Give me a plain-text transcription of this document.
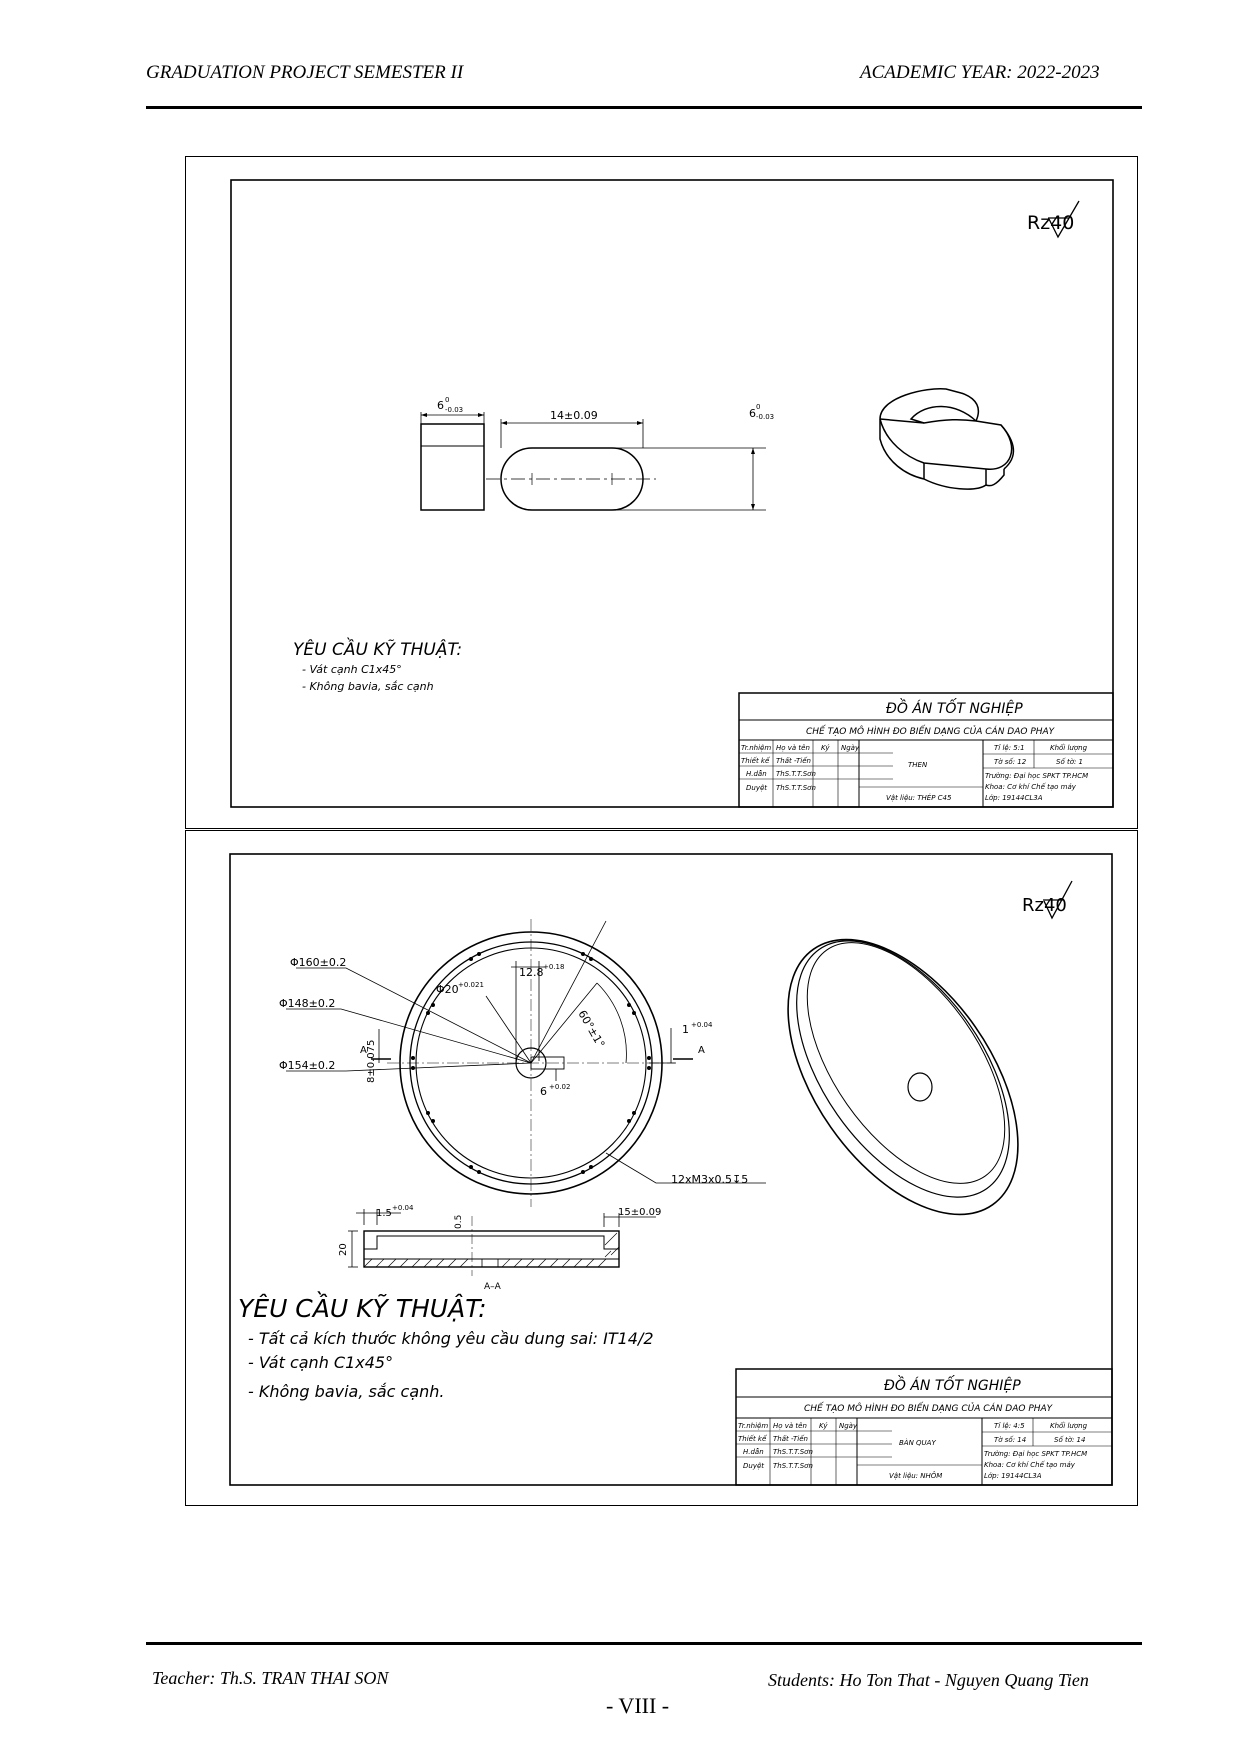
GRADUATION PROJECT SEMESTER II	ACADEMIC YEAR: 2022-2023
Rz40
6 0
-0.03	14±0.09	6 0
-0.03
YÊU CẦU KỸ THUẬT:
- Vát cạnh C1x45°
- Không bavia, sắc cạnh
ĐỒ ÁN TỐT NGHIỆP
CHẾ TẠO MÔ HÌNH ĐO BIẾN DẠNG CỦA CÁN DAO PHAY
Tr.nhiệm Họ và tên Ký Ngày
Thiết kế Thất -Tiến
H.dẫn ThS.T.T.Sơn
Duyệt ThS.T.T.Sơn
THEN
Vật liệu: THÉP C45
Tỉ lệ: 5:1	Khối lượng
Tờ số: 12	Số tờ: 1
Trường: Đại học SPKT TP.HCM
Khoa: Cơ khí Chế tạo máy
Lớp: 19144CL3A
Rz40
Φ160±0.2
Φ148±0.2
Φ154±0.2
Φ20 +0.021
12.8 +0.18
60°±1°
6 +0.02
8±0.075
1 +0.04
A	A
12xM3x0.5↧5
1.5 +0.04
0.5
15±0.09
20
A–A
YÊU CẦU KỸ THUẬT:
- Tất cả kích thước không yêu cầu dung sai: IT14/2
- Vát cạnh C1x45°
- Không bavia, sắc cạnh.	ĐỒ ÁN TỐT NGHIỆP
CHẾ TẠO MÔ HÌNH ĐO BIẾN DẠNG CỦA CÁN DAO PHAY
Tr.nhiệm Họ và tên Ký Ngày
Thiết kế Thất -Tiến
H.dẫn ThS.T.T.Sơn
Duyệt ThS.T.T.Sơn
BÀN QUAY
Vật liệu: NHÔM
Tỉ lệ: 4:5	Khối lượng
Tờ số: 14	Số tờ: 14
Trường: Đại học SPKT TP.HCM
Khoa: Cơ khí Chế tạo máy
Lớp: 19144CL3A
Teacher: Th.S. TRAN THAI SON
- VIII -
Students: Ho Ton That - Nguyen Quang Tien
